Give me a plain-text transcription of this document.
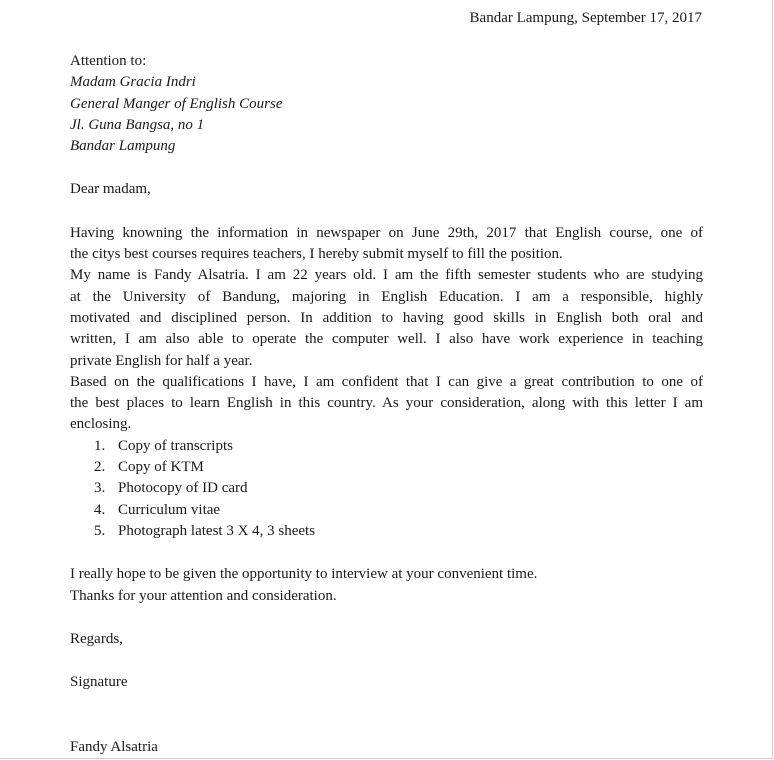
Bandar Lampung, September 17, 2017
Attention to:
Madam Gracia Indri
General Manger of English Course
Jl. Guna Bangsa, no 1
Bandar Lampung
Dear madam,
Having knowning the information in newspaper on June 29th, 2017 that English course, one of
the citys best courses requires teachers, I hereby submit myself to fill the position.
My name is Fandy Alsatria. I am 22 years old. I am the fifth semester students who are studying
at the University of Bandung, majoring in English Education. I am a responsible, highly
motivated and disciplined person. In addition to having good skills in English both oral and
written, I am also able to operate the computer well. I also have work experience in teaching
private English for half a year.
Based on the qualifications I have, I am confident that I can give a great contribution to one of
the best places to learn English in this country. As your consideration, along with this letter I am
enclosing.
1. Copy of transcripts
2. Copy of KTM
3. Photocopy of ID card
4. Curriculum vitae
5. Photograph latest 3 X 4, 3 sheets
I really hope to be given the opportunity to interview at your convenient time.
Thanks for your attention and consideration.
Regards,
Signature
Fandy Alsatria
